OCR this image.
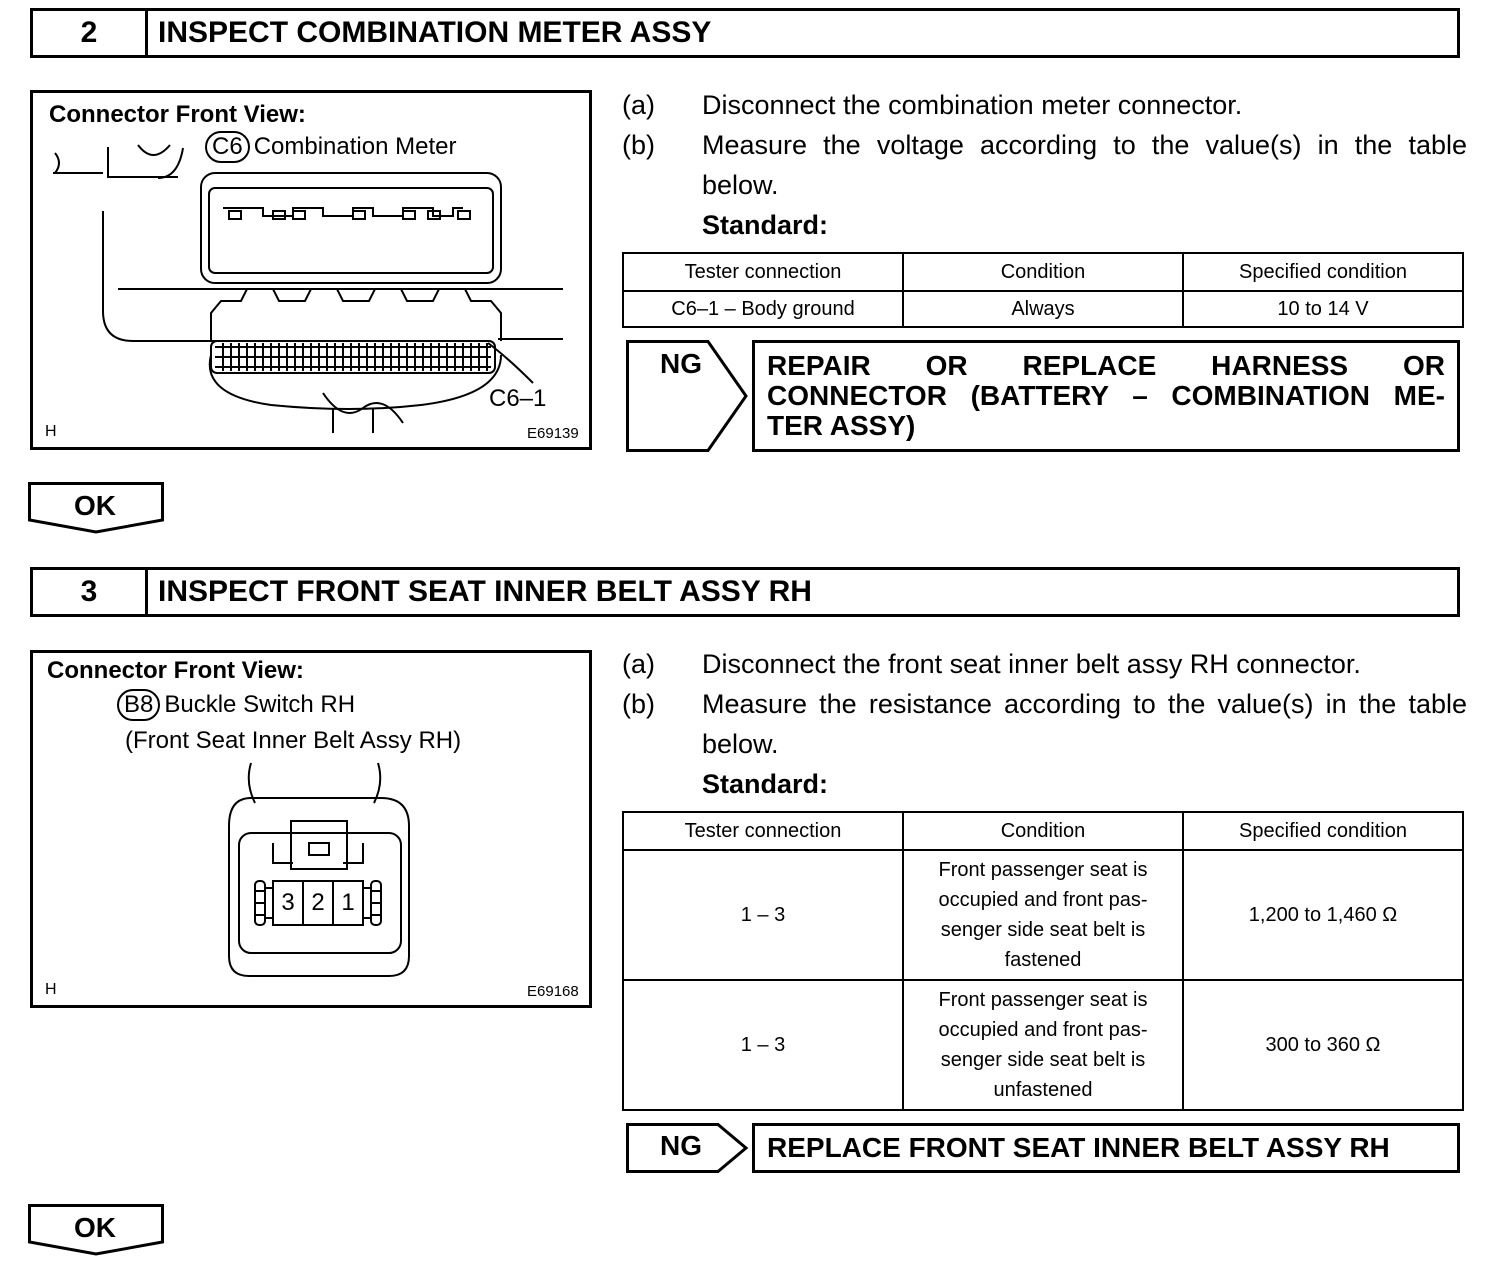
2	INSPECT COMBINATION METER ASSY
Connector Front View:
C6 Combination Meter
C6–1
H	E69139
(a)	Disconnect the combination meter connector.
(b)	Measure the voltage according to the value(s) in the table below.
Standard:
Tester connection	Condition	Specified condition
C6–1 – Body ground	Always	10 to 14 V
NG	REPAIR OR REPLACE HARNESS OR
CONNECTOR (BATTERY – COMBINATION ME-
TER ASSY)
OK
3	INSPECT FRONT SEAT INNER BELT ASSY RH
Connector Front View:
B8 Buckle Switch RH
(Front Seat Inner Belt Assy RH)
3 2 1
H	E69168
(a)	Disconnect the front seat inner belt assy RH connector.
(b)	Measure the resistance according to the value(s) in the table below.
Standard:
Tester connection	Condition	Specified condition
1 – 3	Front passenger seat is
occupied and front pas-
senger side seat belt is
fastened	1,200 to 1,460 Ω
1 – 3	Front passenger seat is
occupied and front pas-
senger side seat belt is
unfastened	300 to 360 Ω
NG	REPLACE FRONT SEAT INNER BELT ASSY RH
OK
